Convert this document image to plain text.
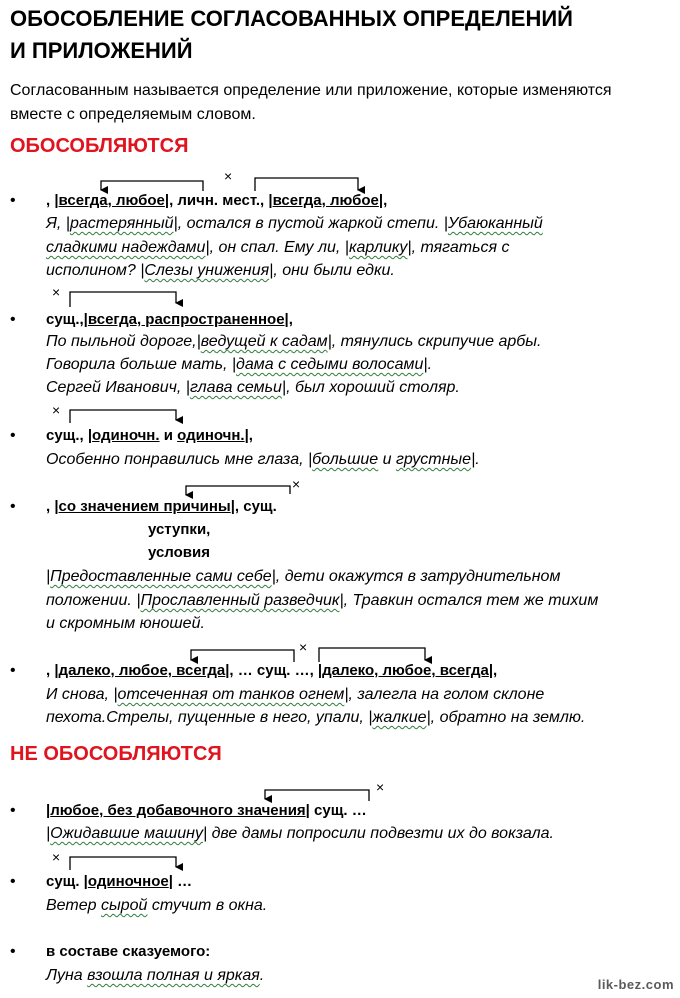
ОБОСОБЛЕНИЕ СОГЛАСОВАННЫХ ОПРЕДЕЛЕНИЙ
И ПРИЛОЖЕНИЙ
Согласованным называется определение или приложение, которые изменяются
вместе с определяемым словом.
ОБОСОБЛЯЮТСЯ
• , |всегда, любое|, личн. мест., |всегда, любое|,
Я, |растерянный|, остался в пустой жаркой степи. |Убаюканный
сладкими надеждами|, он спал. Ему ли, |карлику|, тягаться с
исполином? |Слезы унижения|, они были едки.
• сущ.,|всегда, распространенное|,
По пыльной дороге,|ведущей к садам|, тянулись скрипучие арбы.
Говорила больше мать, |дама с седыми волосами|.
Сергей Иванович, |глава семьи|, был хороший столяр.
• сущ., |одиночн. и одиночн.|,
Особенно понравились мне глаза, |большие и грустные|.
• , |со значением причины|, сущ.
уступки,
условия
|Предоставленные сами себе|, дети окажутся в затруднительном
положении. |Прославленный разведчик|, Травкин остался тем же тихим
и скромным юношей.
• , |далеко, любое, всегда|, … сущ. …, |далеко, любое, всегда|,
И снова, |отсеченная от танков огнем|, залегла на голом склоне
пехота.Стрелы, пущенные в него, упали, |жалкие|, обратно на землю.
НЕ ОБОСОБЛЯЮТСЯ
• |любое, без добавочного значения| сущ. …
|Ожидавшие машину| две дамы попросили подвезти их до вокзала.
• сущ. |одиночное| …
Ветер сырой стучит в окна.
• в составе сказуемого:
Луна взошла полная и яркая.
×
×
×
×
×
×
×
lik-bez.com
